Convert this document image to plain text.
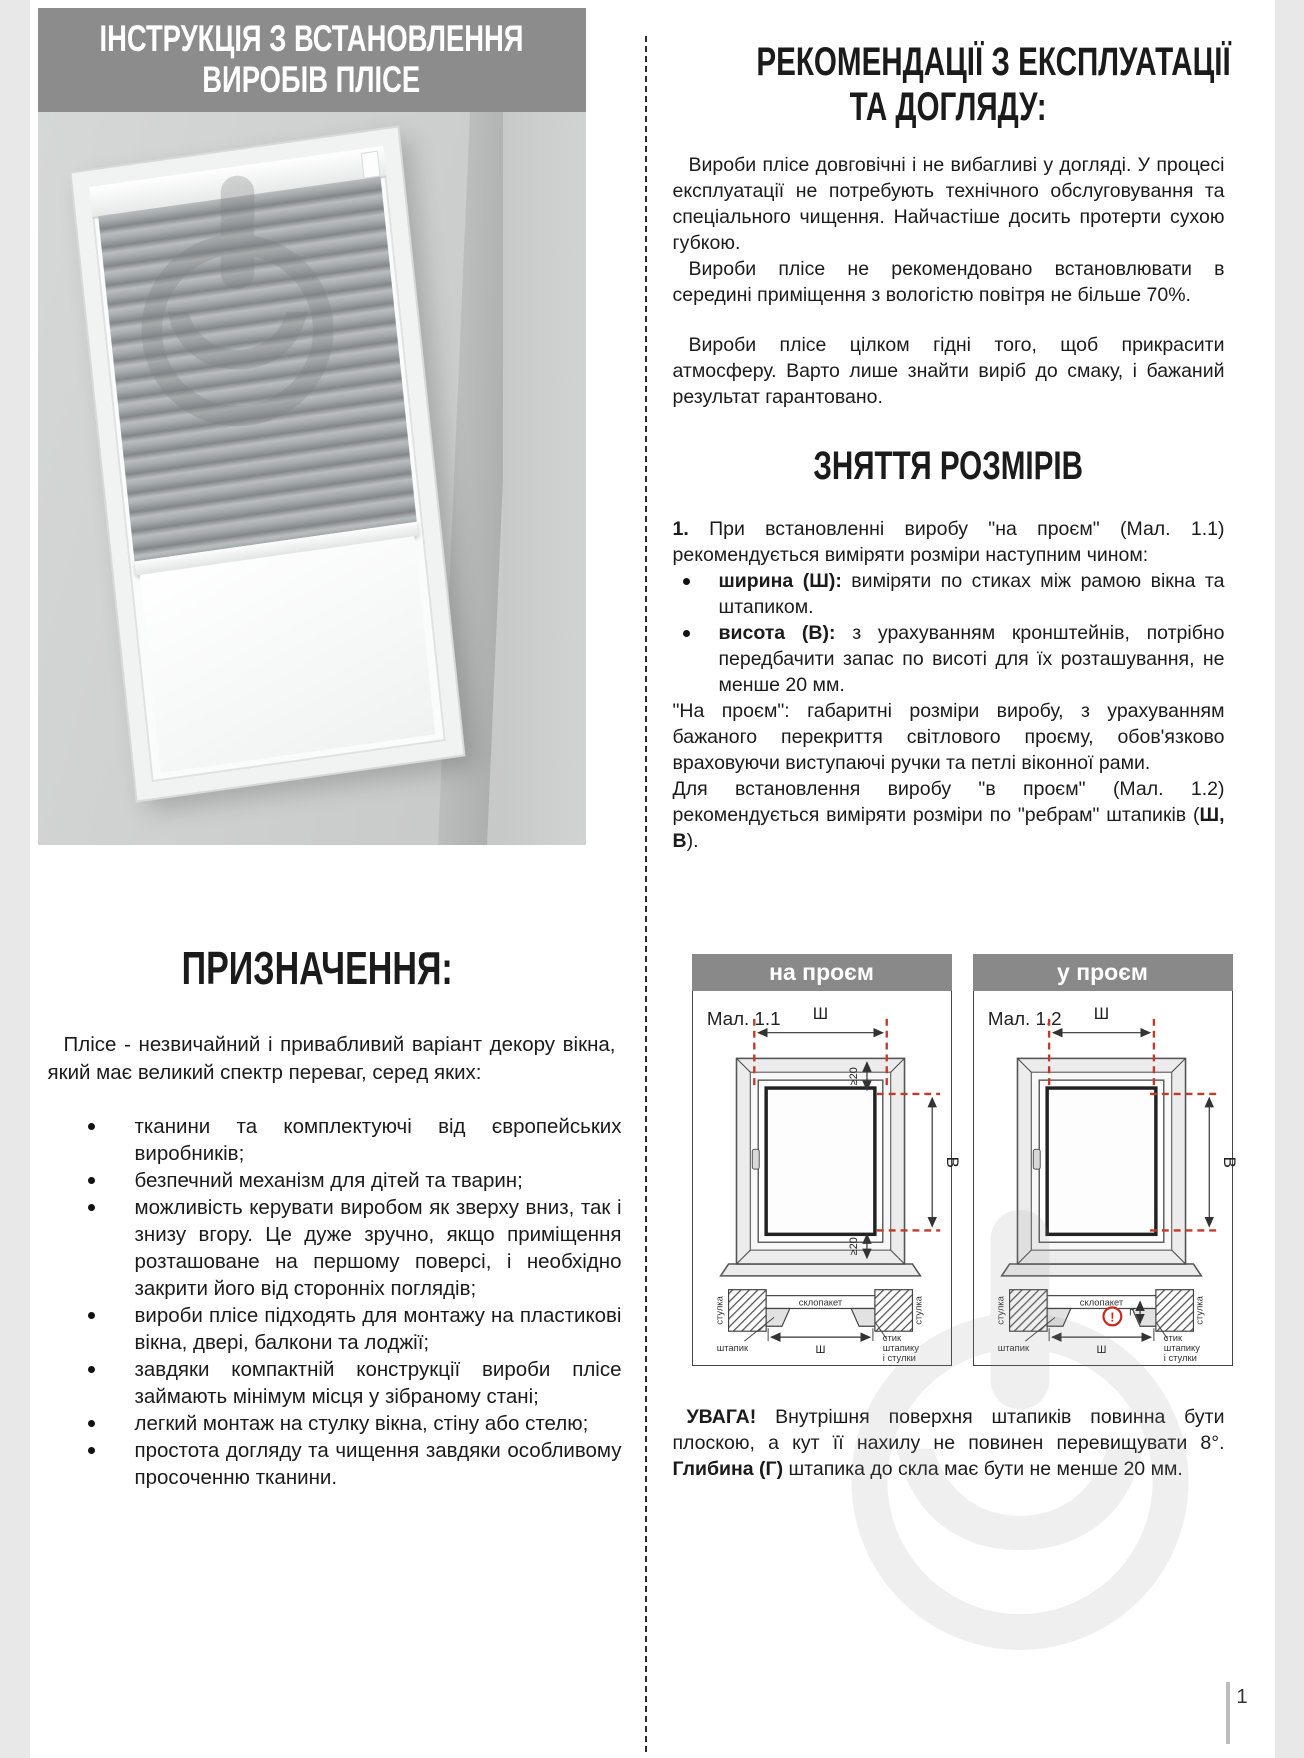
ІНСТРУКЦІЯ З ВСТАНОВЛЕННЯ
ВИРОБІВ ПЛІСЕ
ПРИЗНАЧЕННЯ:

Плісе - незвичайний і привабливий варіант декору вікна, який має великий спектр переваг, серед яких:

тканини та комплектуючі від європейських виробників;
безпечний механізм для дітей та тварин;
можливість керувати виробом як зверху вниз, так і знизу вгору. Це дуже зручно, якщо приміщення розташоване на першому поверсі, і необхідно закрити його від сторонніх поглядів;
вироби плісе підходять для монтажу на пластикові вікна, двері, балкони та лоджії;
завдяки компактній конструкції вироби плісе займають мінімум місця у зібраному стані;
легкий монтаж на стулку вікна, стіну або стелю;
простота догляду та чищення завдяки особливому просоченню тканини.
РЕКОМЕНДАЦІЇ З ЕКСПЛУАТАЦІЇ
ТА ДОГЛЯДУ:

Вироби плісе довговічні і не вибагливі у догляді. У процесі експлуатації не потребують технічного обслуговування та спеціального чищення. Найчастіше досить протерти сухою губкою.

Вироби плісе не рекомендовано встановлювати в середині приміщення з вологістю повітря не більше 70%.

Вироби плісе цілком гідні того, щоб прикрасити атмосферу. Варто лише знайти виріб до смаку, і бажаний результат гарантовано.

ЗНЯТТЯ РОЗМІРІВ

1. При встановленні виробу "на проєм" (Мал. 1.1) рекомендується виміряти розміри наступним чином:

ширина (Ш): виміряти по стиках між рамою вікна та штапиком.
висота (В): з урахуванням кронштейнів, потрібно передбачити запас по висоті для їх розташування, не менше 20 мм.

"На проєм": габаритні розміри виробу, з урахуванням бажаного перекриття світлового проєму, обов'язково враховуючи виступаючі ручки та петлі віконної рами.

Для встановлення виробу "в проєм" (Мал. 1.2) рекомендується виміряти розміри по "ребрам" штапиків (Ш, В).

на проєм
Мал. 1.1 Ш
В
≥20
≥20
стулка	стулка
склопакет
Ш
штапик
стик
штапику
і стулки
у проєм
Мал. 1.2 Ш
В
стулка	стулка
склопакет
! Г
Ш
штапик
стик
штапику
і стулки

УВАГА! Внутрішня поверхня штапиків повинна бути плоскою, а кут її нахилу не повинен перевищувати 8°. Глибина (Г) штапика до скла має бути не менше 20 мм.

1
